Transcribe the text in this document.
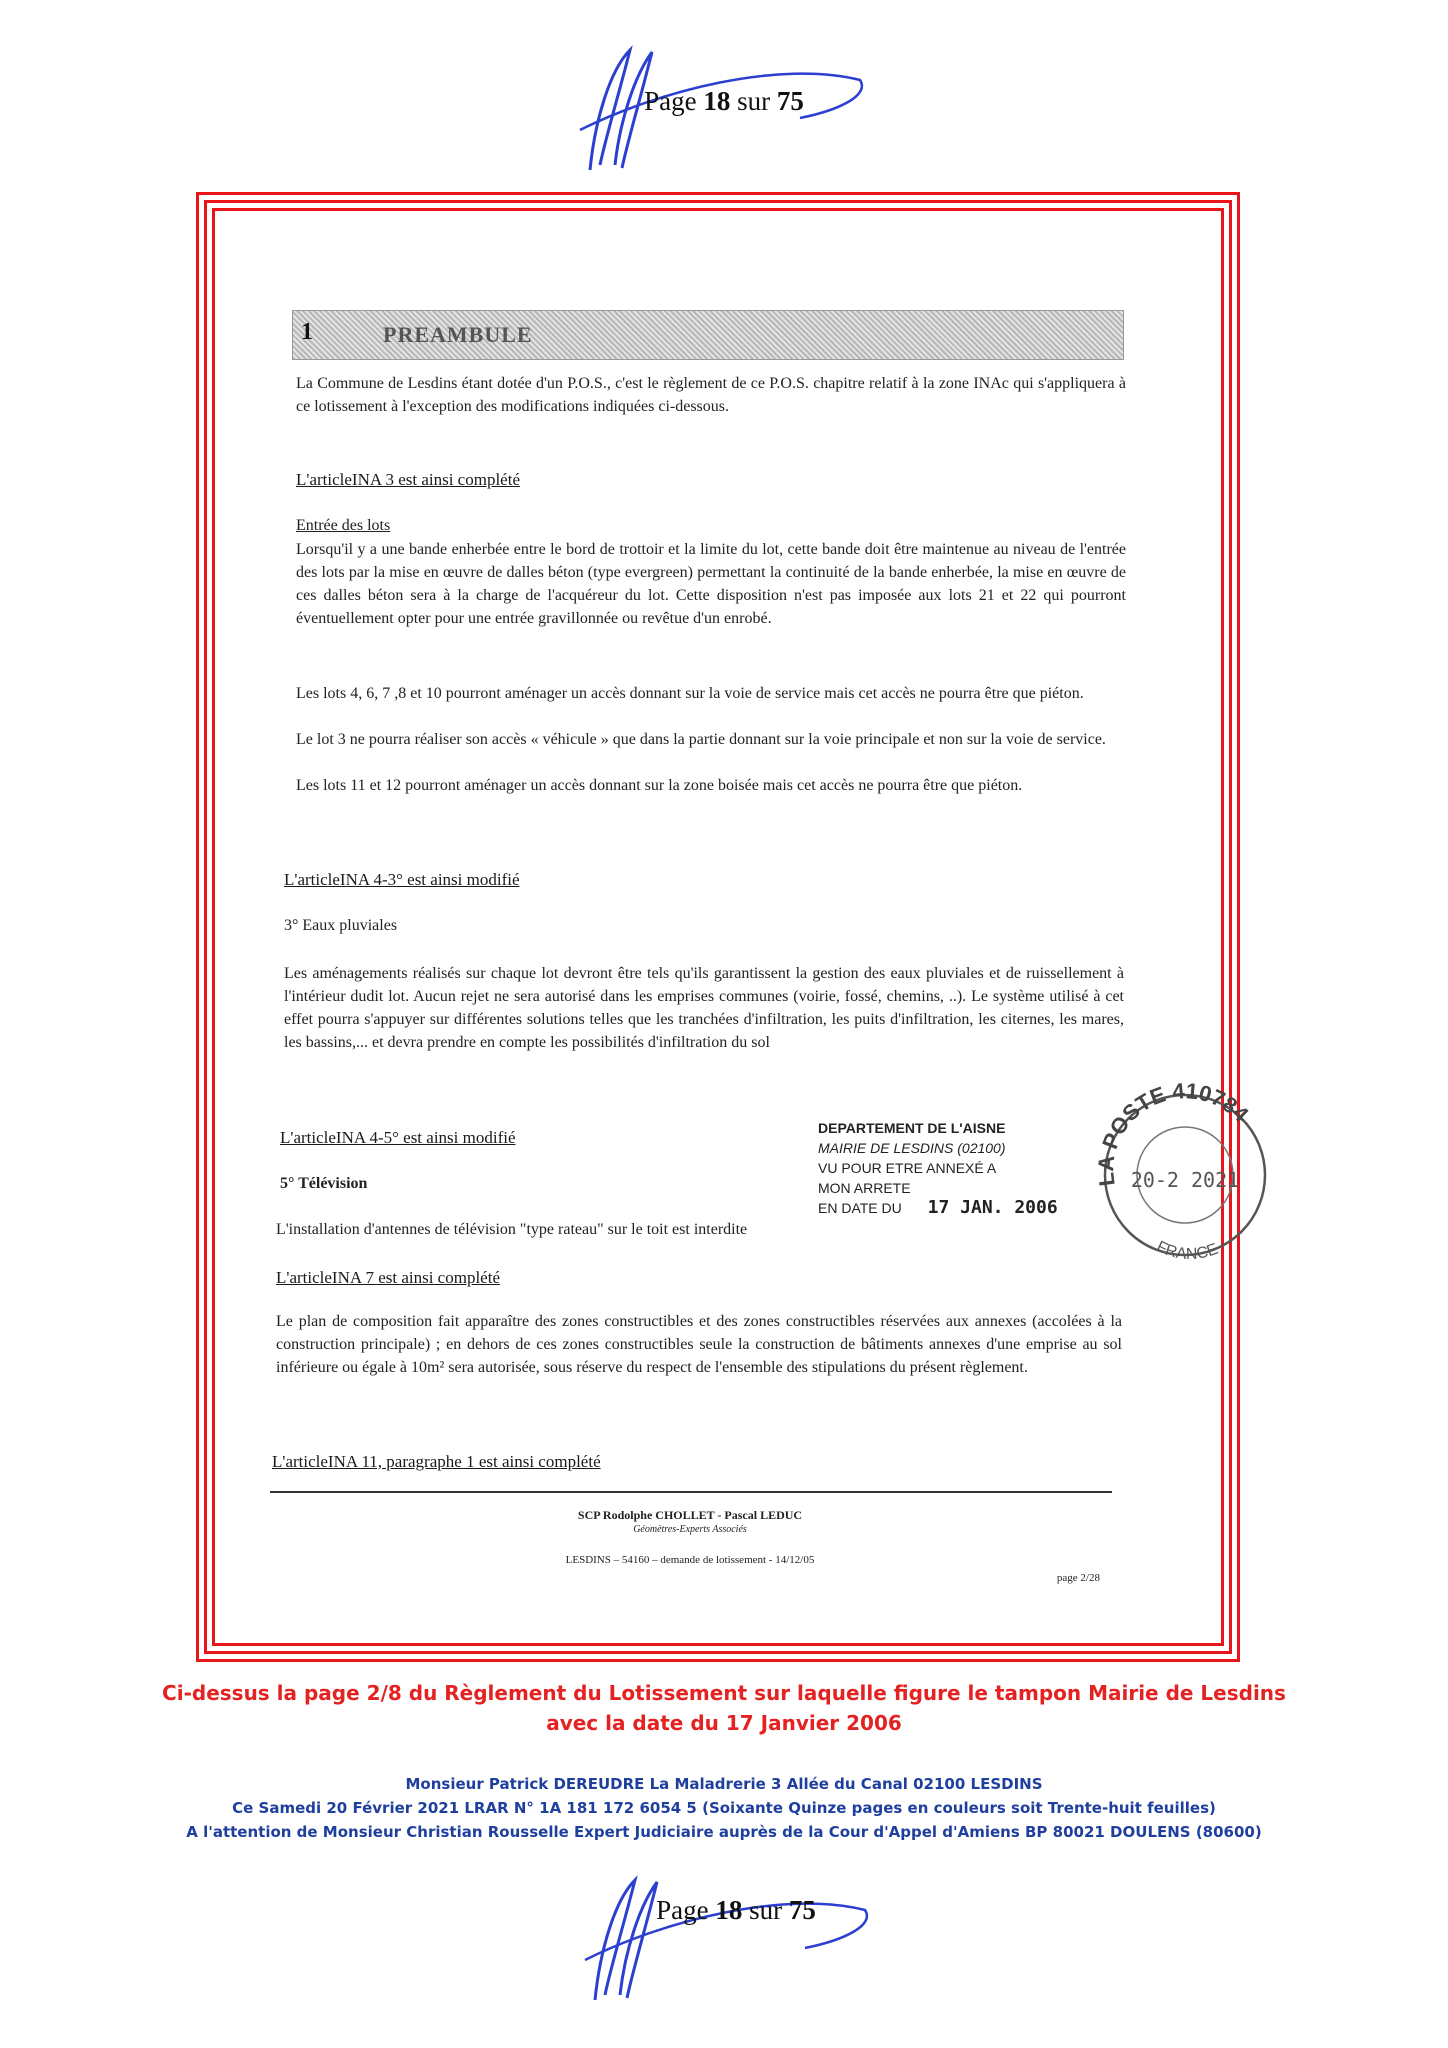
Page 18 sur 75
1	PREAMBULE
La Commune de Lesdins étant dotée d'un P.O.S., c'est le règlement de ce P.O.S. chapitre relatif à la zone INAc qui s'appliquera à ce lotissement à l'exception des modifications indiquées ci-dessous.
L'articleINA 3 est ainsi complété
Entrée des lots
Lorsqu'il y a une bande enherbée entre le bord de trottoir et la limite du lot, cette bande doit être maintenue au niveau de l'entrée des lots par la mise en œuvre de dalles béton (type evergreen) permettant la continuité de la bande enherbée, la mise en œuvre de ces dalles béton sera à la charge de l'acquéreur du lot. Cette disposition n'est pas imposée aux lots 21 et 22 qui pourront éventuellement opter pour une entrée gravillonnée ou revêtue d'un enrobé.
Les lots 4, 6, 7 ,8 et 10 pourront aménager un accès donnant sur la voie de service mais cet accès ne pourra être que piéton.
Le lot 3 ne pourra réaliser son accès « véhicule » que dans la partie donnant sur la voie principale et non sur la voie de service.
Les lots 11 et 12 pourront aménager un accès donnant sur la zone boisée mais cet accès ne pourra être que piéton.
L'articleINA 4-3° est ainsi modifié
3° Eaux pluviales
Les aménagements réalisés sur chaque lot devront être tels qu'ils garantissent la gestion des eaux pluviales et de ruissellement à l'intérieur dudit lot. Aucun rejet ne sera autorisé dans les emprises communes (voirie, fossé, chemins, ..). Le système utilisé à cet effet pourra s'appuyer sur différentes solutions telles que les tranchées d'infiltration, les puits d'infiltration, les citernes, les mares, les bassins,... et devra prendre en compte les possibilités d'infiltration du sol
L'articleINA 4-5° est ainsi modifié
5° Télévision
L'installation d'antennes de télévision "type rateau" sur le toit est interdite
L'articleINA 7 est ainsi complété
Le plan de composition fait apparaître des zones constructibles et des zones constructibles réservées aux annexes (accolées à la construction principale) ; en dehors de ces zones constructibles seule la construction de bâtiments annexes d'une emprise au sol inférieure ou égale à 10m² sera autorisée, sous réserve du respect de l'ensemble des stipulations du présent règlement.
L'articleINA 11, paragraphe 1 est ainsi complété
DEPARTEMENT DE L'AISNE
MAIRIE DE LESDINS (02100)
VU POUR ETRE ANNEXÉ A
MON ARRETE
EN DATE DU 17 JAN. 2006
LA POSTE 410784
20-2 2021
FRANCE
SCP Rodolphe CHOLLET - Pascal LEDUC
Géomètres-Experts Associés
LESDINS – 54160 – demande de lotissement - 14/12/05
page 2/28
Ci-dessus la page 2/8 du Règlement du Lotissement sur laquelle figure le tampon Mairie de Lesdins
avec la date du 17 Janvier 2006
Monsieur Patrick DEREUDRE La Maladrerie 3 Allée du Canal 02100 LESDINS
Ce Samedi 20 Février 2021 LRAR N° 1A 181 172 6054 5 (Soixante Quinze pages en couleurs soit Trente-huit feuilles)
A l'attention de Monsieur Christian Rousselle Expert Judiciaire auprès de la Cour d'Appel d'Amiens BP 80021 DOULENS (80600)
Page 18 sur 75
